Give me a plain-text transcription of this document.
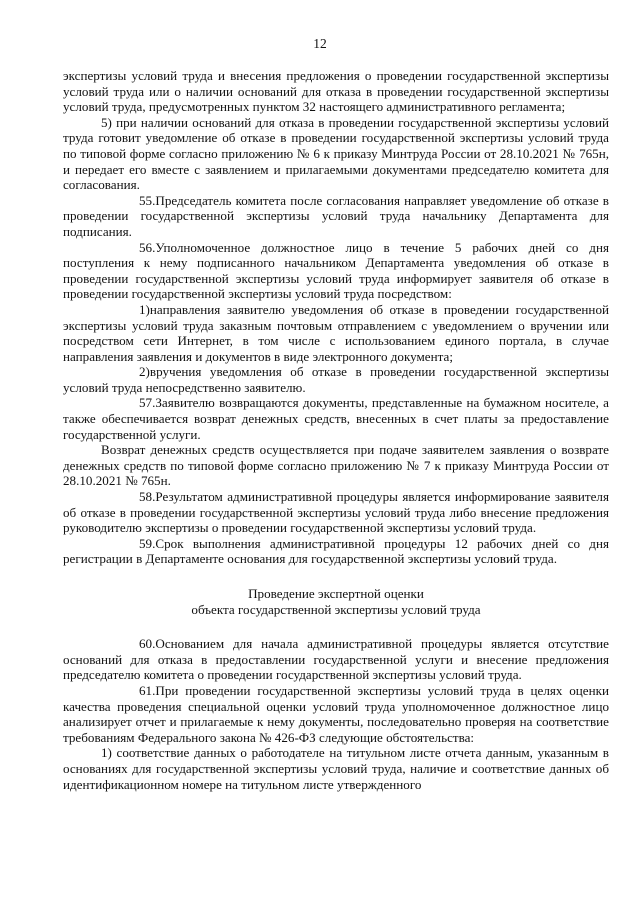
12

экспертизы условий труда и внесения предложения о проведении государственной экспертизы условий труда или о наличии оснований для отказа в проведении государственной экспертизы условий труда, предусмотренных пунктом 32 настоящего административного регламента;

5) при наличии оснований для отказа в проведении государственной экспертизы условий труда готовит уведомление об отказе в проведении государственной экспертизы условий труда по типовой форме согласно приложению № 6 к приказу Минтруда России от 28.10.2021 № 765н, и передает его вместе с заявлением и прилагаемыми документами председателю комитета для согласования.

55.Председатель комитета после согласования направляет уведомление об отказе в проведении государственной экспертизы условий труда начальнику Департамента для подписания.

56.Уполномоченное должностное лицо в течение 5 рабочих дней со дня поступления к нему подписанного начальником Департамента уведомления об отказе в проведении государственной экспертизы условий труда информирует заявителя об отказе в проведении государственной экспертизы условий труда посредством:

1)направления заявителю уведомления об отказе в проведении государственной экспертизы условий труда заказным почтовым отправлением с уведомлением о вручении или посредством сети Интернет, в том числе с использованием единого портала, в случае направления заявления и документов в виде электронного документа;

2)вручения уведомления об отказе в проведении государственной экспертизы условий труда непосредственно заявителю.

57.Заявителю возвращаются документы, представленные на бумажном носителе, а также обеспечивается возврат денежных средств, внесенных в счет платы за предоставление государственной услуги.

Возврат денежных средств осуществляется при подаче заявителем заявления о возврате денежных средств по типовой форме согласно приложению № 7 к приказу Минтруда России от 28.10.2021 № 765н.

58.Результатом административной процедуры является информирование заявителя об отказе в проведении государственной экспертизы условий труда либо внесение предложения руководителю экспертизы о проведении государственной экспертизы условий труда.

59.Срок выполнения административной процедуры 12 рабочих дней со дня регистрации в Департаменте основания для государственной экспертизы условий труда.

Проведение экспертной оценки

объекта государственной экспертизы условий труда

60.Основанием для начала административной процедуры является отсутствие оснований для отказа в предоставлении государственной услуги и внесение предложения председателю комитета о проведении государственной экспертизы условий труда.

61.При проведении государственной экспертизы условий труда в целях оценки качества проведения специальной оценки условий труда уполномоченное должностное лицо анализирует отчет и прилагаемые к нему документы, последовательно проверяя на соответствие требованиям Федерального закона № 426-ФЗ следующие обстоятельства:

1) соответствие данных о работодателе на титульном листе отчета данным, указанным в основаниях для государственной экспертизы условий труда, наличие и соответствие данных об идентификационном номере на титульном листе утвержденного
